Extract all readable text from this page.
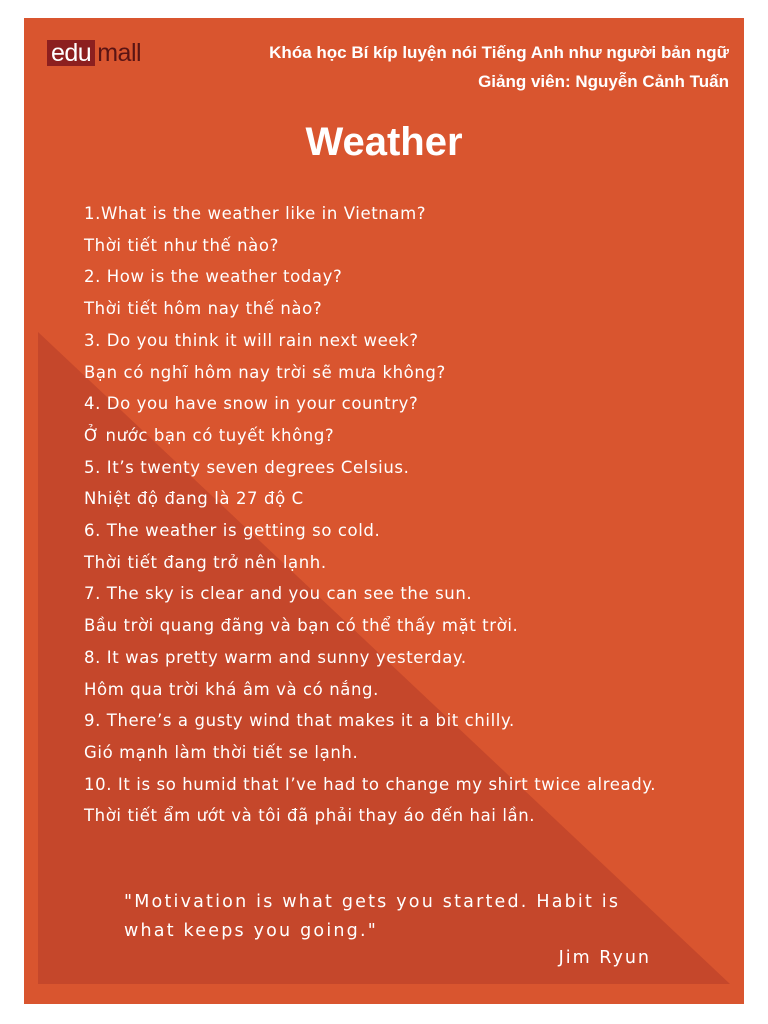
edu mall	Khóa học Bí kíp luyện nói Tiếng Anh như người bản ngữ
Giảng viên: Nguyễn Cảnh Tuấn
Weather
1.What is the weather like in Vietnam?
Thời tiết như thế nào?
2. How is the weather today?
Thời tiết hôm nay thế nào?
3. Do you think it will rain next week?
Bạn có nghĩ hôm nay trời sẽ mưa không?
4. Do you have snow in your country?
Ở nước bạn có tuyết không?
5. It’s twenty seven degrees Celsius.
Nhiệt độ đang là 27 độ C
6. The weather is getting so cold.
Thời tiết đang trở nên lạnh.
7. The sky is clear and you can see the sun.
Bầu trời quang đãng và bạn có thể thấy mặt trời.
8. It was pretty warm and sunny yesterday.
Hôm qua trời khá âm và có nắng.
9. There’s a gusty wind that makes it a bit chilly.
Gió mạnh làm thời tiết se lạnh.
10. It is so humid that I’ve had to change my shirt twice already.
Thời tiết ẩm ướt và tôi đã phải thay áo đến hai lần.
"Motivation is what gets you started. Habit is what keeps you going."
Jim Ryun
